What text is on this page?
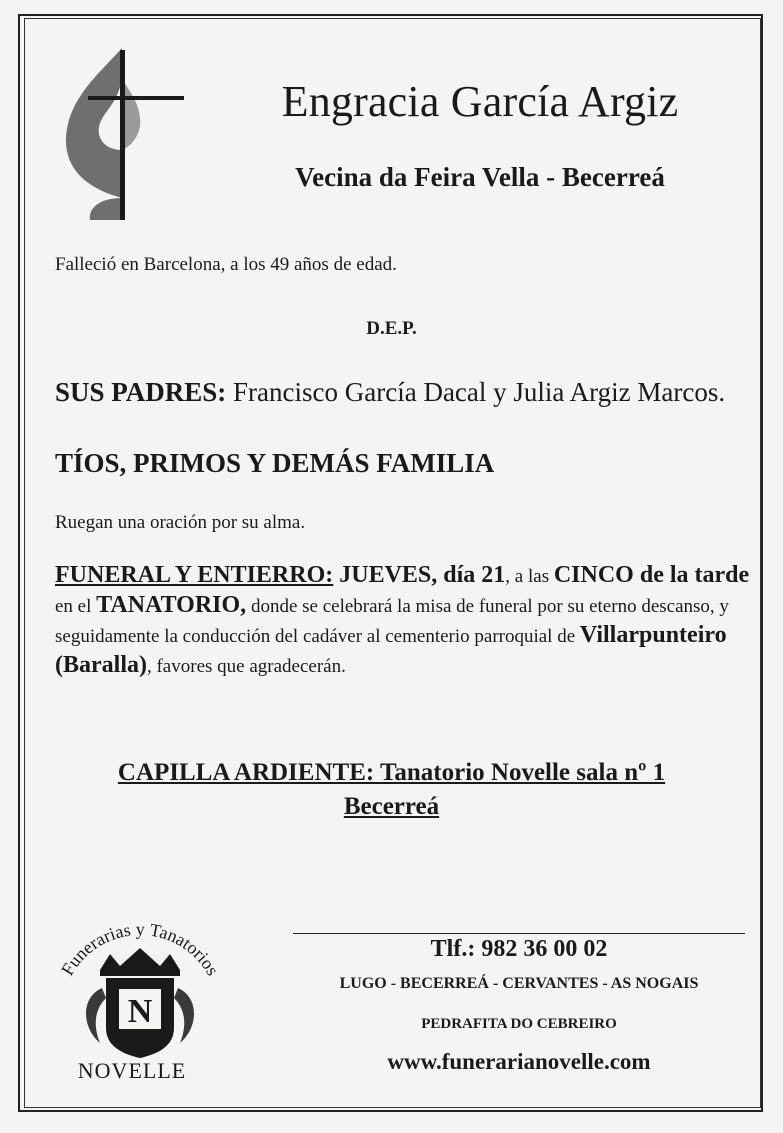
Engracia García Argiz
Vecina da Feira Vella - Becerreá
Falleció en Barcelona, a los 49 años de edad.
D.E.P.
SUS PADRES: Francisco García Dacal y Julia Argiz Marcos.
TÍOS, PRIMOS Y DEMÁS FAMILIA
Ruegan una oración por su alma.
FUNERAL Y ENTIERRO: JUEVES, día 21, a las CINCO de la tarde en el TANATORIO, donde se celebrará la misa de funeral por su eterno descanso, y seguidamente la conducción del cadáver al cementerio parroquial de Villarpunteiro (Baralla), favores que agradecerán.
CAPILLA ARDIENTE: Tanatorio Novelle sala nº 1
Becerreá
Funerarias y Tanatorios
N
NOVELLE
Tlf.: 982 36 00 02
LUGO - BECERREÁ - CERVANTES - AS NOGAIS
PEDRAFITA DO CEBREIRO
www.funerarianovelle.com
